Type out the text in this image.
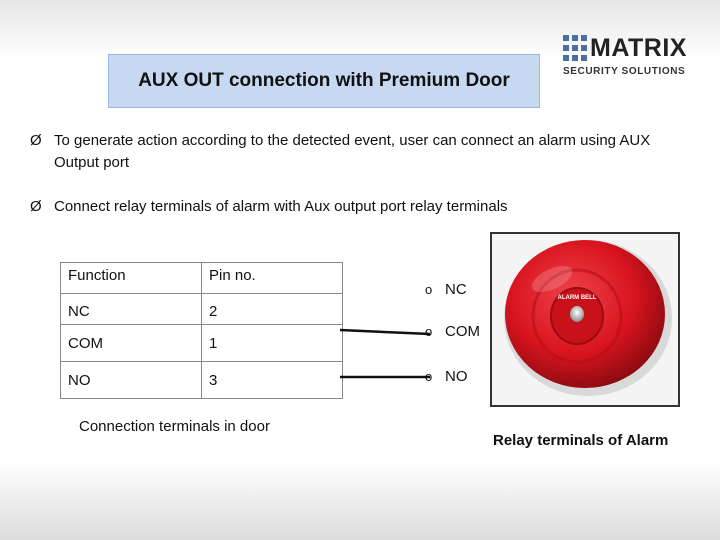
AUX OUT connection with Premium Door
MATRIX
SECURITY SOLUTIONS
Ø To generate action according to the detected event, user can connect an alarm using AUX Output port
Ø Connect relay terminals of alarm with Aux output port relay terminals
Function	Pin no.
NC	2
COM	1
NO	3
Connection terminals in door
o NC
o COM
o NO
ALARM BELL
Relay terminals of Alarm
